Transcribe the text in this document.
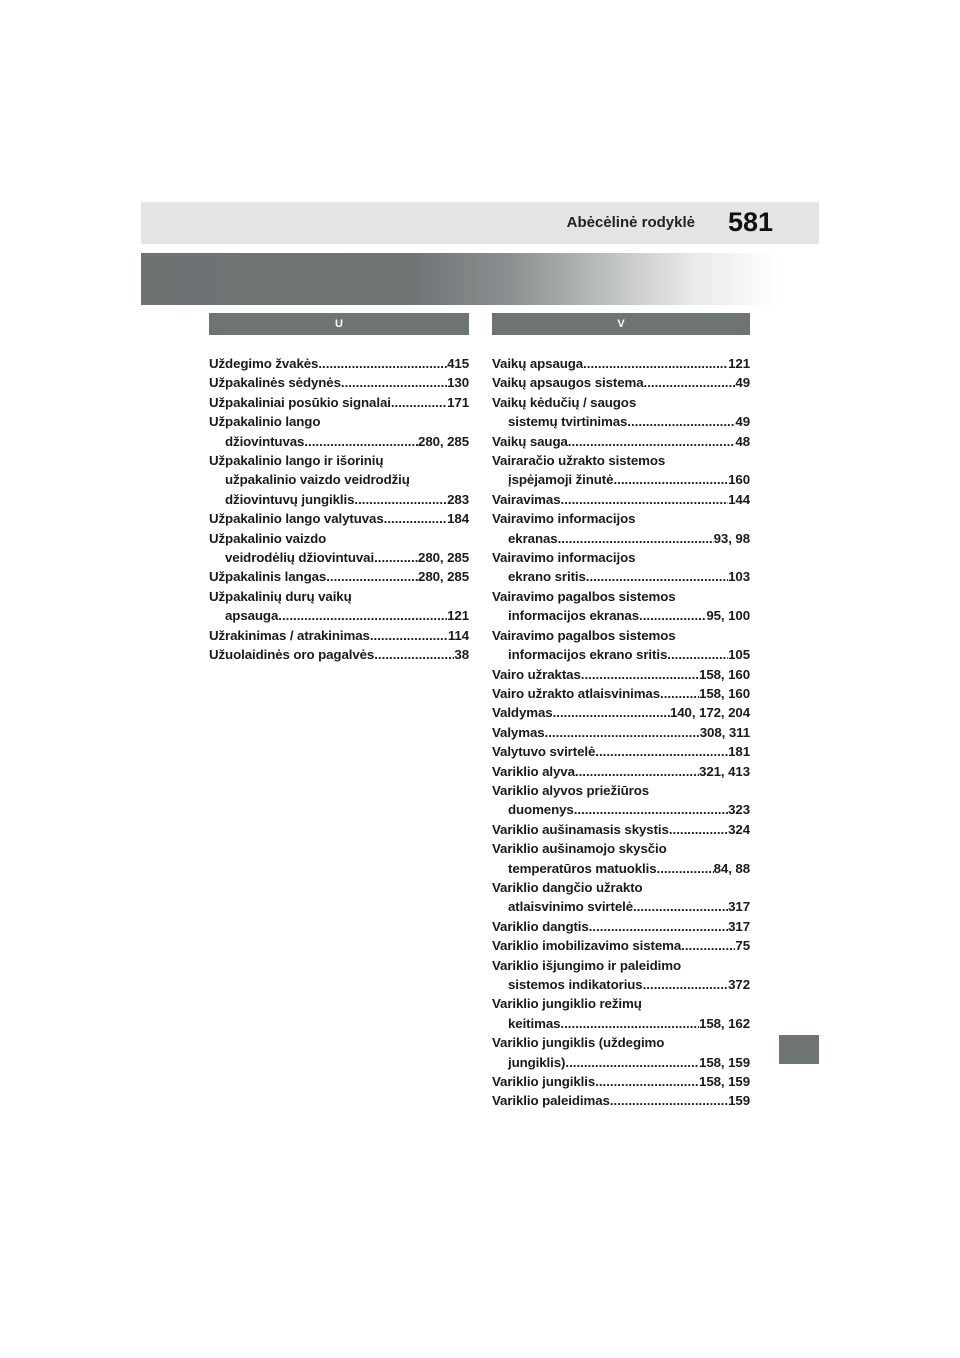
Abėcėlinė rodyklė 581
U
Uždegimo žvakės .....	415
Užpakalinės sėdynės .....	130
Užpakaliniai posūkio signalai .....	171
Užpakalinio lango
džiovintuvas .....	280, 285
Užpakalinio lango ir išorinių
užpakalinio vaizdo veidrodžių
džiovintuvų jungiklis .....	283
Užpakalinio lango valytuvas .....	184
Užpakalinio vaizdo
veidrodėlių džiovintuvai .....	280, 285
Užpakalinis langas .....	280, 285
Užpakalinių durų vaikų
apsauga .....	121
Užrakinimas / atrakinimas .....	114
Užuolaidinės oro pagalvės .....	38
V
Vaikų apsauga .....	121
Vaikų apsaugos sistema .....	49
Vaikų kėdučių / saugos
sistemų tvirtinimas .....	49
Vaikų sauga .....	48
Vairaračio užrakto sistemos
įspėjamoji žinutė .....	160
Vairavimas .....	144
Vairavimo informacijos
ekranas .....	93, 98
Vairavimo informacijos
ekrano sritis .....	103
Vairavimo pagalbos sistemos
informacijos ekranas .....	95, 100
Vairavimo pagalbos sistemos
informacijos ekrano sritis .....	105
Vairo užraktas .....	158, 160
Vairo užrakto atlaisvinimas .....	158, 160
Valdymas .....	140, 172, 204
Valymas .....	308, 311
Valytuvo svirtelė .....	181
Variklio alyva .....	321, 413
Variklio alyvos priežiūros
duomenys .....	323
Variklio aušinamasis skystis .....	324
Variklio aušinamojo skysčio
temperatūros matuoklis .....	84, 88
Variklio dangčio užrakto
atlaisvinimo svirtelė .....	317
Variklio dangtis .....	317
Variklio imobilizavimo sistema .....	75
Variklio išjungimo ir paleidimo
sistemos indikatorius .....	372
Variklio jungiklio režimų
keitimas .....	158, 162
Variklio jungiklis (uždegimo
jungiklis) .....	158, 159
Variklio jungiklis .....	158, 159
Variklio paleidimas .....	159
